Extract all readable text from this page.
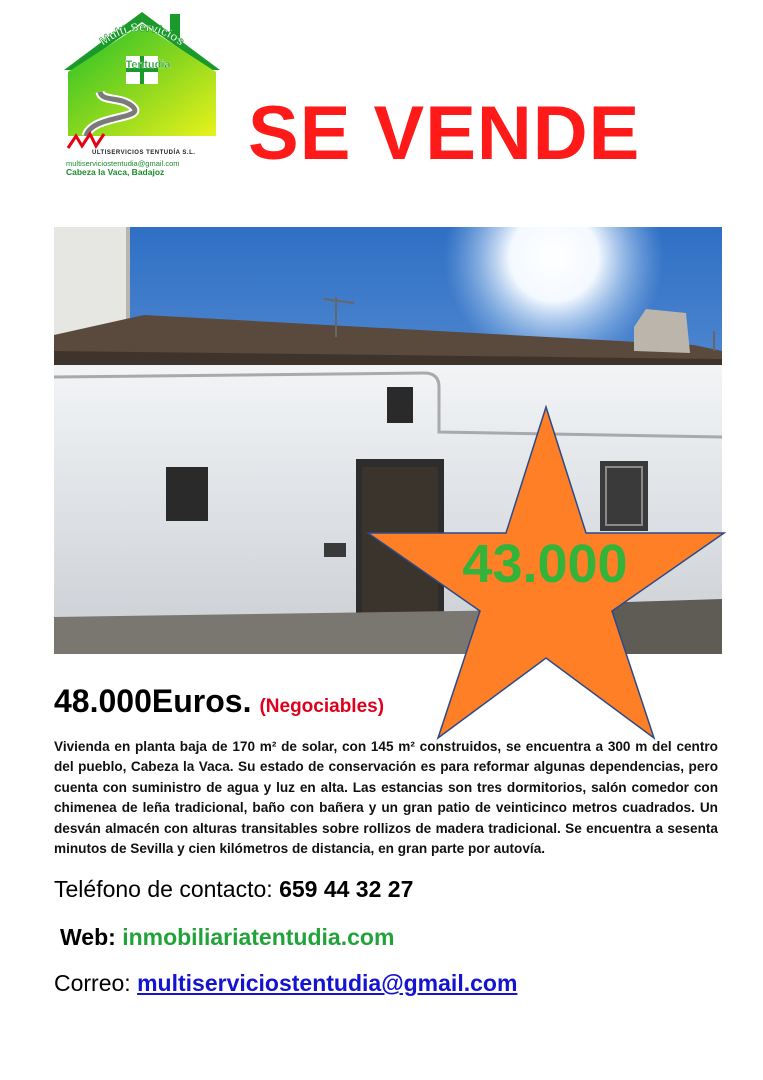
Multi Servicios
Tentudia
ULTISERVICIOS TENTUDÍA S.L.
multiserviciostentudia@gmail.com
Cabeza la Vaca, Badajoz SE VENDE
43.000
48.000Euros. (Negociables)

Vivienda en planta baja de 170 m² de solar, con 145 m² construidos, se encuentra a 300 m del centro del pueblo, Cabeza la Vaca. Su estado de conservación es para reformar algunas dependencias, pero cuenta con suministro de agua y luz en alta. Las estancias son tres dormitorios, salón comedor con chimenea de leña tradicional, baño con bañera y un gran patio de veinticinco metros cuadrados. Un desván almacén con alturas transitables sobre rollizos de madera tradicional. Se encuentra a sesenta minutos de Sevilla y cien kilómetros de distancia, en gran parte por autovía.

Teléfono de contacto: 659 44 32 27
Web: inmobiliariatentudia.com
Correo: multiserviciostentudia@gmail.com
